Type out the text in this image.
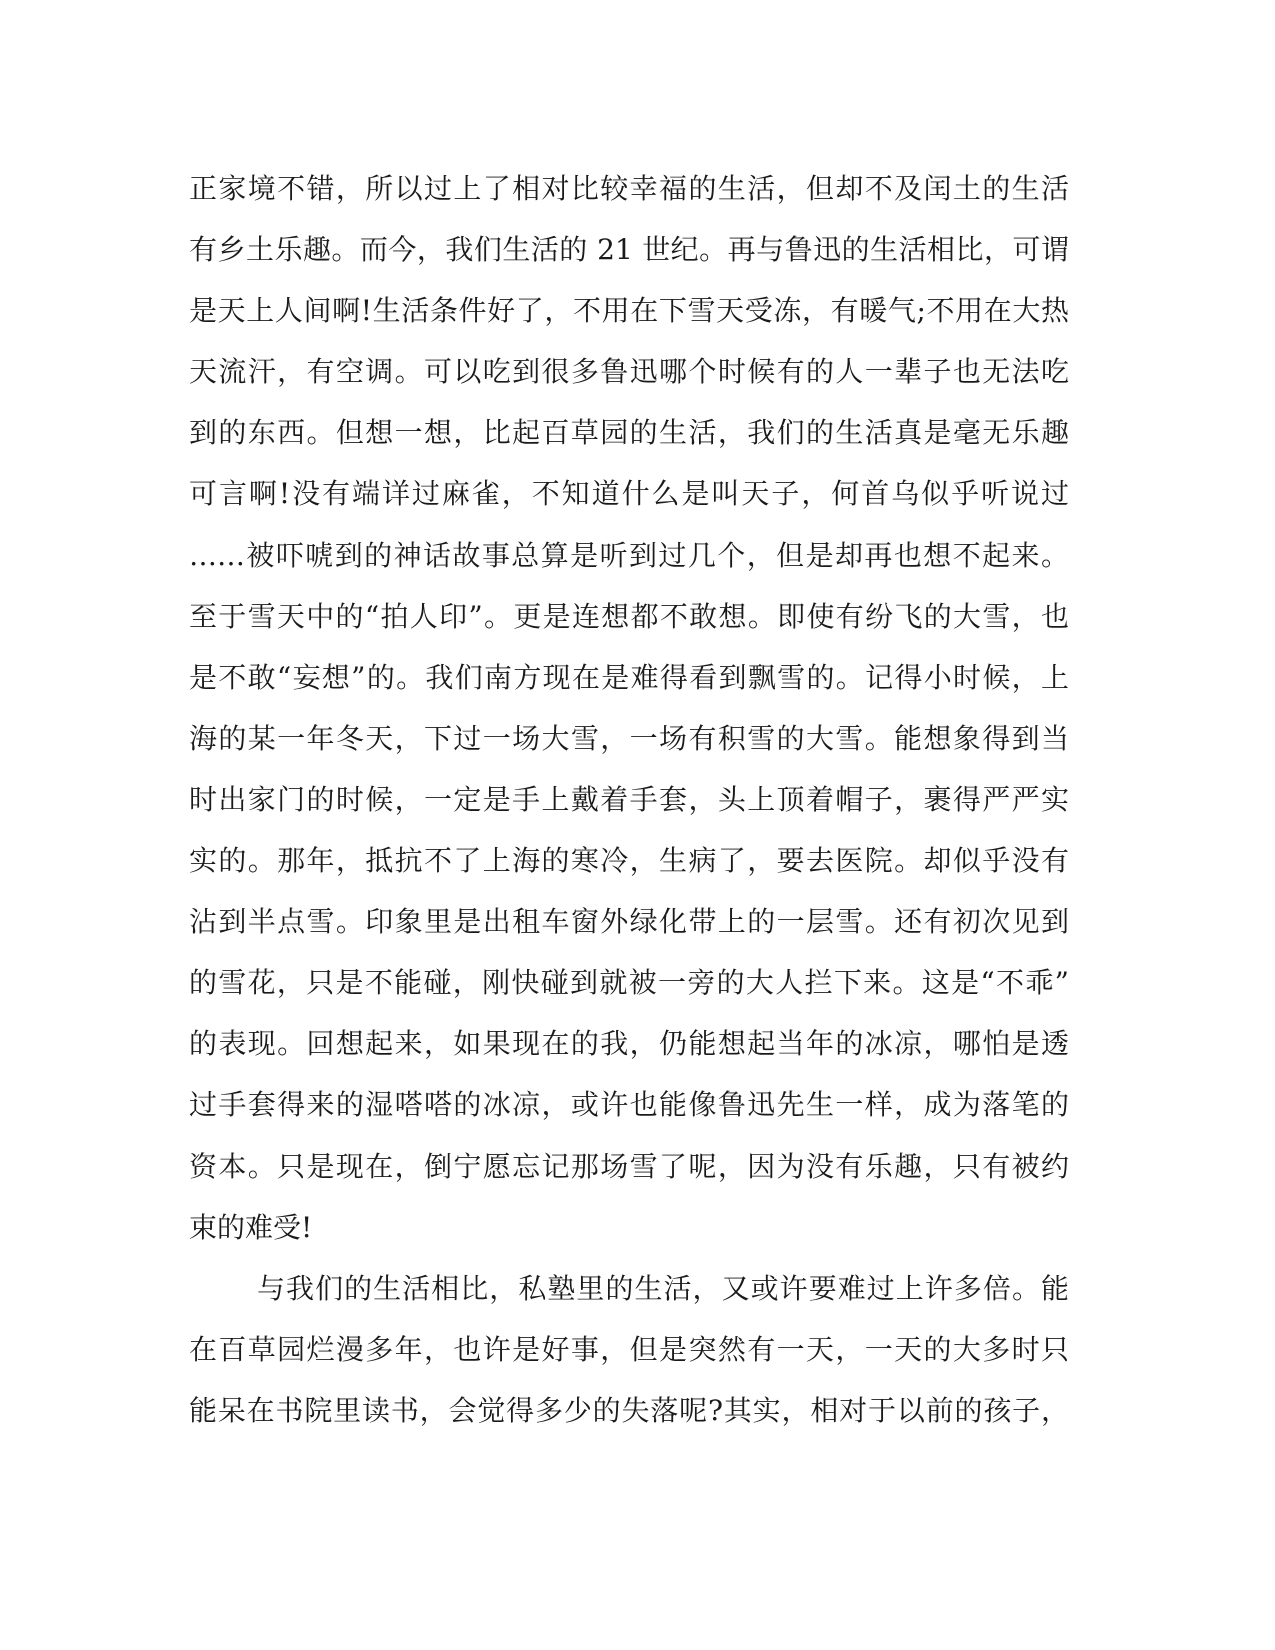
正家境不错，所以过上了相对比较幸福的生活，但却不及闰土的生活
有乡土乐趣。而今，我们生活的 21 世纪。再与鲁迅的生活相比，可谓
是天上人间啊!生活条件好了，不用在下雪天受冻，有暖气;不用在大热
天流汗，有空调。可以吃到很多鲁迅哪个时候有的人一辈子也无法吃
到的东西。但想一想，比起百草园的生活，我们的生活真是毫无乐趣
可言啊!没有端详过麻雀，不知道什么是叫天子，何首乌似乎听说过
……被吓唬到的神话故事总算是听到过几个，但是却再也想不起来。
至于雪天中的“拍人印”。更是连想都不敢想。即使有纷飞的大雪，也
是不敢“妄想”的。我们南方现在是难得看到飘雪的。记得小时候，上
海的某一年冬天，下过一场大雪，一场有积雪的大雪。能想象得到当
时出家门的时候，一定是手上戴着手套，头上顶着帽子，裹得严严实
实的。那年，抵抗不了上海的寒冷，生病了，要去医院。却似乎没有
沾到半点雪。印象里是出租车窗外绿化带上的一层雪。还有初次见到
的雪花，只是不能碰，刚快碰到就被一旁的大人拦下来。这是“不乖”
的表现。回想起来，如果现在的我，仍能想起当年的冰凉，哪怕是透
过手套得来的湿嗒嗒的冰凉，或许也能像鲁迅先生一样，成为落笔的
资本。只是现在，倒宁愿忘记那场雪了呢，因为没有乐趣，只有被约
束的难受!
与我们的生活相比，私塾里的生活，又或许要难过上许多倍。能
在百草园烂漫多年，也许是好事，但是突然有一天，一天的大多时只
能呆在书院里读书，会觉得多少的失落呢?其实，相对于以前的孩子，
